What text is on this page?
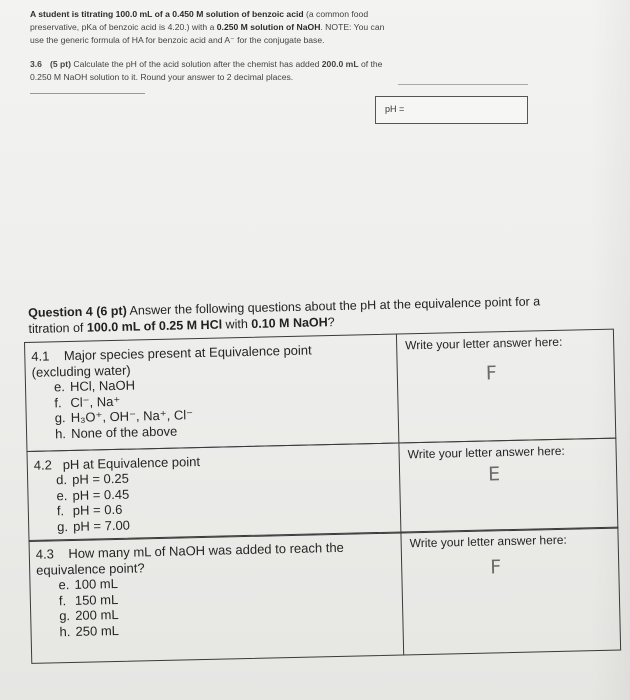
A student is titrating 100.0 mL of a 0.450 M solution of benzoic acid (a common food
preservative, pKa of benzoic acid is 4.20.) with a 0.250 M solution of NaOH. NOTE: You can
use the generic formula of HA for benzoic acid and A⁻ for the conjugate base.
3.6 (5 pt) Calculate the pH of the acid solution after the chemist has added 200.0 mL of the
0.250 M NaOH solution to it. Round your answer to 2 decimal places.
pH =
Question 4 (6 pt) Answer the following questions about the pH at the equivalence point for a
titration of 100.0 mL of 0.25 M HCl with 0.10 M NaOH?
4.1 Major species present at Equivalence point
(excluding water)
e. HCl, NaOH
f. Cl⁻, Na⁺
g. H₃O⁺, OH⁻, Na⁺, Cl⁻
h. None of the above
Write your letter answer here:
F
4.2 pH at Equivalence point
d. pH = 0.25
e. pH = 0.45
f. pH = 0.6
g. pH = 7.00
Write your letter answer here:
E
4.3 How many mL of NaOH was added to reach the
equivalence point?
e. 100 mL
f. 150 mL
g. 200 mL
h. 250 mL
Write your letter answer here:
F
